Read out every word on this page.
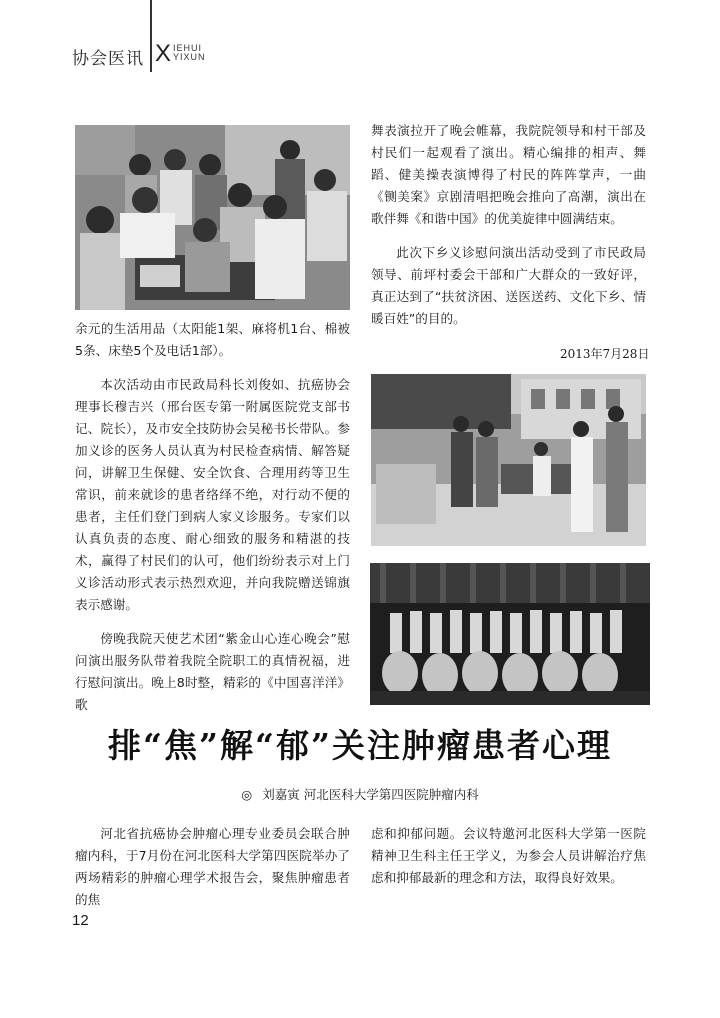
协会医讯 X IEHUI
YIXUN

余元的生活用品（太阳能1架、麻将机1台、棉被5条、床垫5个及电话1部）。

本次活动由市民政局科长刘俊如、抗癌协会理事长穆吉兴（邢台医专第一附属医院党支部书记、院长），及市安全技防协会吴秘书长带队。参加义诊的医务人员认真为村民检查病情、解答疑问，讲解卫生保健、安全饮食、合理用药等卫生常识，前来就诊的患者络绎不绝，对行动不便的患者，主任们登门到病人家义诊服务。专家们以认真负责的态度、耐心细致的服务和精湛的技术，赢得了村民们的认可，他们纷纷表示对上门义诊活动形式表示热烈欢迎，并向我院赠送锦旗表示感谢。

傍晚我院天使艺术团“紫金山心连心晚会”慰问演出服务队带着我院全院职工的真情祝福，进行慰问演出。晚上8时整，精彩的《中国喜洋洋》歌

舞表演拉开了晚会帷幕，我院院领导和村干部及村民们一起观看了演出。精心编排的相声、舞蹈、健美操表演博得了村民的阵阵掌声，一曲《铡美案》京剧清唱把晚会推向了高潮，演出在歌伴舞《和谐中国》的优美旋律中圆满结束。

此次下乡义诊慰问演出活动受到了市民政局领导、前坪村委会干部和广大群众的一致好评，真正达到了“扶贫济困、送医送药、文化下乡、情暖百姓”的目的。

2013年7月28日
排“焦”解“郁”关注肿瘤患者心理
◎ 刘嘉寅 河北医科大学第四医院肿瘤内科

河北省抗癌协会肿瘤心理专业委员会联合肿瘤内科，于7月份在河北医科大学第四医院举办了两场精彩的肿瘤心理学术报告会，聚焦肿瘤患者的焦

虑和抑郁问题。会议特邀河北医科大学第一医院精神卫生科主任王学义，为参会人员讲解治疗焦虑和抑郁最新的理念和方法，取得良好效果。

12
